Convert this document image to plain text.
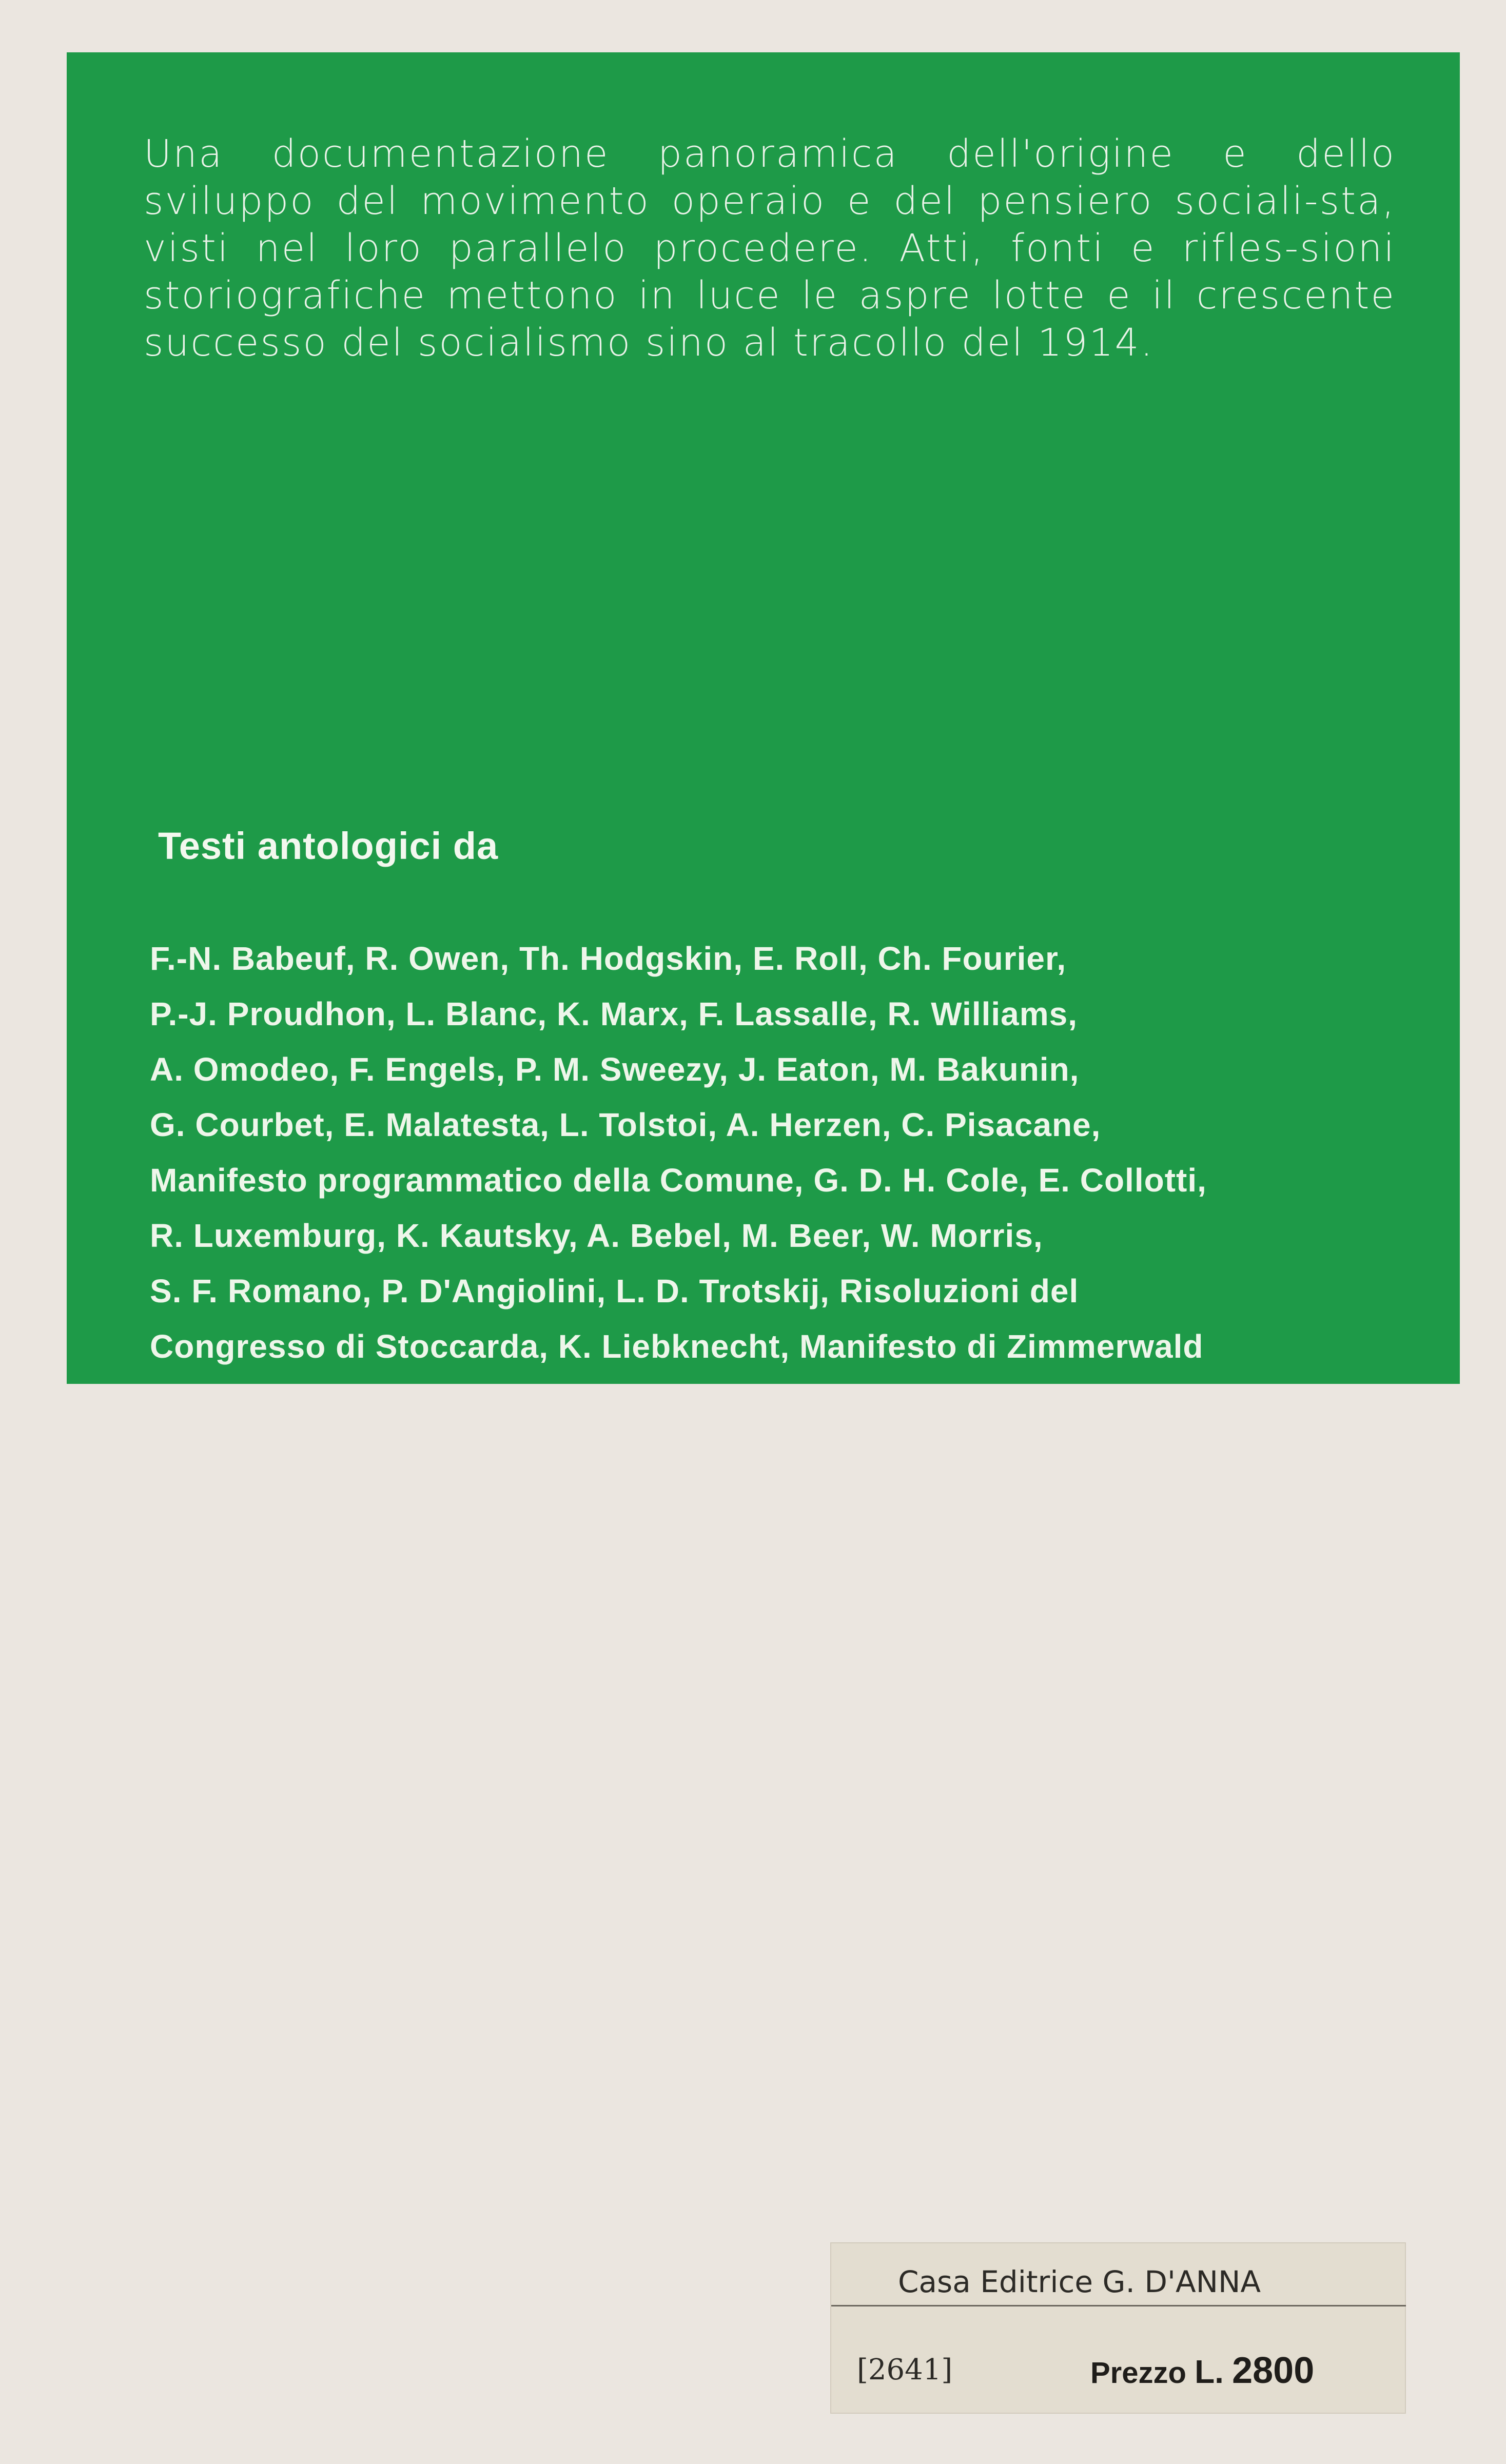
Una documentazione panoramica dell'origine e dello sviluppo del movimento operaio e del pensiero sociali-sta, visti nel loro parallelo procedere. Atti, fonti e rifles-sioni storiografiche mettono in luce le aspre lotte e il crescente successo del socialismo sino al tracollo del 1914.

Testi antologici da
F.-N. Babeuf, R. Owen, Th. Hodgskin, E. Roll, Ch. Fourier,
P.-J. Proudhon, L. Blanc, K. Marx, F. Lassalle, R. Williams,
A. Omodeo, F. Engels, P. M. Sweezy, J. Eaton, M. Bakunin,
G. Courbet, E. Malatesta, L. Tolstoi, A. Herzen, C. Pisacane,
Manifesto programmatico della Comune, G. D. H. Cole, E. Collotti,
R. Luxemburg, K. Kautsky, A. Bebel, M. Beer, W. Morris,
S. F. Romano, P. D'Angiolini, L. D. Trotskij, Risoluzioni del
Congresso di Stoccarda, K. Liebknecht, Manifesto di Zimmerwald
Casa Editrice G. D'ANNA
[2641]	Prezzo L. 2800
